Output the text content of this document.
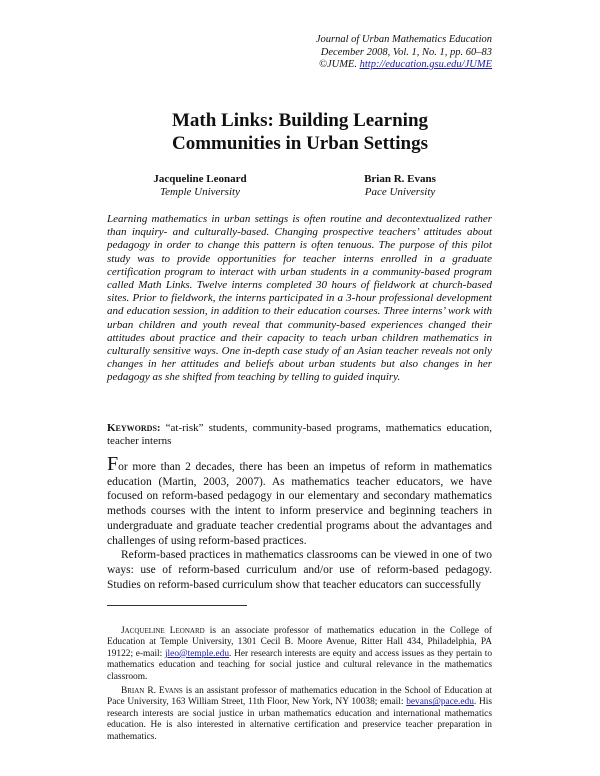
Journal of Urban Mathematics Education
December 2008, Vol. 1, No. 1, pp. 60–83
©JUME. http://education.gsu.edu/JUME
Math Links: Building Learning
Communities in Urban Settings
Jacqueline Leonard
Temple University
Brian R. Evans
Pace University

Learning mathematics in urban settings is often routine and decontextualized rather than inquiry- and culturally-based. Changing prospective teachers’ attitudes about pedagogy in order to change this pattern is often tenuous. The purpose of this pilot study was to provide opportunities for teacher interns enrolled in a graduate certification program to interact with urban students in a community-based program called Math Links. Twelve interns completed 30 hours of fieldwork at church-based sites. Prior to fieldwork, the interns participated in a 3-hour professional development and education session, in addition to their education courses. Three interns’ work with urban children and youth reveal that community-based experiences changed their attitudes about practice and their capacity to teach urban children mathematics in culturally sensitive ways. One in-depth case study of an Asian teacher reveals not only changes in her attitudes and beliefs about urban students but also changes in her pedagogy as she shifted from teaching by telling to guided inquiry.

Keywords: “at-risk” students, community-based programs, mathematics education, teacher interns

For more than 2 decades, there has been an impetus of reform in mathematics education (Martin, 2003, 2007). As mathematics teacher educators, we have focused on reform-based pedagogy in our elementary and secondary mathematics methods courses with the intent to inform preservice and beginning teachers in undergraduate and graduate teacher credential programs about the advantages and challenges of using reform-based practices.

Reform-based practices in mathematics classrooms can be viewed in one of two ways: use of reform-based curriculum and/or use of reform-based pedagogy. Studies on reform-based curriculum show that teacher educators can successfully

Jacqueline Leonard is an associate professor of mathematics education in the College of Education at Temple University, 1301 Cecil B. Moore Avenue, Ritter Hall 434, Philadelphia, PA 19122; e-mail: jleo@temple.edu. Her research interests are equity and access issues as they pertain to mathematics education and teaching for social justice and cultural relevance in the mathematics classroom.

Brian R. Evans is an assistant professor of mathematics education in the School of Education at Pace University, 163 William Street, 11th Floor, New York, NY 10038; email: bevans@pace.edu. His research interests are social justice in urban mathematics education and international mathematics education. He is also interested in alternative certification and preservice teacher preparation in mathematics.
